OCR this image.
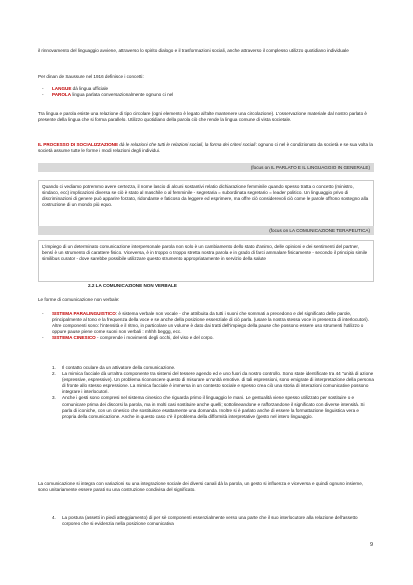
il rinnovamento del linguaggio avviene, attraverso lo spirito dialogo e il trasformazioni sociali, anche attraverso il complesso utilizzo quotidiano individuale
Per dinan de Saussure nel 1916 definisce i concetti:
- LANGUE dà lingua ufficiale
- PAROLA lingua parlata conversazionalmente ognuno ci nel
Tra lingua e parola esiste una relazione di tipo circolare (ogni elemento è legato all'alte mantenere una circolazione). L'osservazione materiale dal nostro parlato è presente della lingua che si forma parallelo. Utilizzo quotidiano della parola ciò che rende la lingua comune di vista societale.
IL PROCESSO DI SOCIALIZZAZIONE dà le relazioni che tutti le relazioni sociali, la forma dei criteri sociali: ognuno ci nel è condizionato da società e se sua volta la società assume tutte le forme i modi relazioni degli individui.
(focus on IL PARLATO E IL LINGUAGGIO IN GENERALE)
Quando ci vediamo potremmo avere certezza, il nome lascio di alcuni sostantivi relatio dichiarazione femminile quando spesso tratta o concetto (ministro, sindaco, ecc) implicazioni diversa se ciò è stato al maschile o al femminile - segretaria = subordinata segretario = leader politico. Un linguaggio privo di discriminazioni di genere può apparire forzato, ridondante e faticoso da leggere ed esprimere, ma offre ciò considerevoli ciò come le parole offrono sostegno alla costruzione di un mondo più equo.
(focus on LA COMUNICAZIONE TERAPEUTICA)
L'impiego di un determinato comunicazione interpersonale parola non solo è un cambiamento dello stato d'animo, delle opinioni e dei sentimenti del partner, bensì è un strumento di carattere fisico. Viceversa, è in troppo o troppo stretta nostra parola e in grado di farci ammalare fisicamente - secondo il principio simile similibus curator - dove sarebbe possibile utilizzare questo strumento appropriatamente in servizio della salute
2.2 LA COMUNICAZIONE NON VERBALE
Le forme di comunicazione non verbale:
- SISTEMA PARALINGUISTICO: è sistema verbale non vocale - che attribuita da tutti i suoni che sommati a precedono e del significato delle parole, principalmente al tono e la frequenza della voce e se anche della posizione essenziale di ciò parla. (usare la nostra stessa voce in presenza di interlocutori). Altre componenti sono: l'intensità e il ritmo, in particolare un volume è dato dai tratti dell'impiego della pause che possono essere uso strumenti l'utilizzo o oppure pause piene come suoni non verbali : mhhh beggg, ecc.
- SISTEMA CINESICO - comprende i movimenti degli occhi, del viso e del corpo.
1. Il contatto oculare da un attivatore della comunicazione.
2. La mimica facciale dà un'altra componente tra sistemi del tessere agendo ed e uno fuori da nostro controllo. Sono state identificate tra 44 "unità di azione (espressive, espressive). Un problema riconoscere questo di misurare un'unità emotive. di tali espressioni, sono emigrate di interpretazione della persona di fronte allo stesso espressione. La mimica facciale è immersa in un contesto sociale e spesso crea ciò una storia di interazioni comunicative possono integrare i interlocutori.
3. Anche i gesti sono compresi nel sistema cinesico che riguarda primo il linguaggio le mani. Le gestualità viene spesso utilizzato per sostituire o e comunicare prima dei discorsi la parola, ma in molti casi sostituire anche quelli; sottolineandone e rafforzandone il significato con diverse intensità. Si parla di iconiche, con un cinesico che sostituisce esattamente una domanda. Inoltre si è parlato anche di essere la formattazione linguistica vera e propria della comunicazione. Anche in questo caso c'è il problema della difformità interpretative (gesto nel intero linguaggio.
La comunicazione si integra con variazioni su una integrazione sociale dei diversi canali dà la parola, un gesto si influenza e viceversa e quindi ognuno insieme, sono unitariamente essere parati su una costruzione condivisa del significato.
4. La postura (assetti in piedi atteggiamento) di per sè componenti essenzialmente verso una parte che il suo interlocutore alla relazione dell'assetto corporeo che si evidenzia nella posizione comunicativa
9
